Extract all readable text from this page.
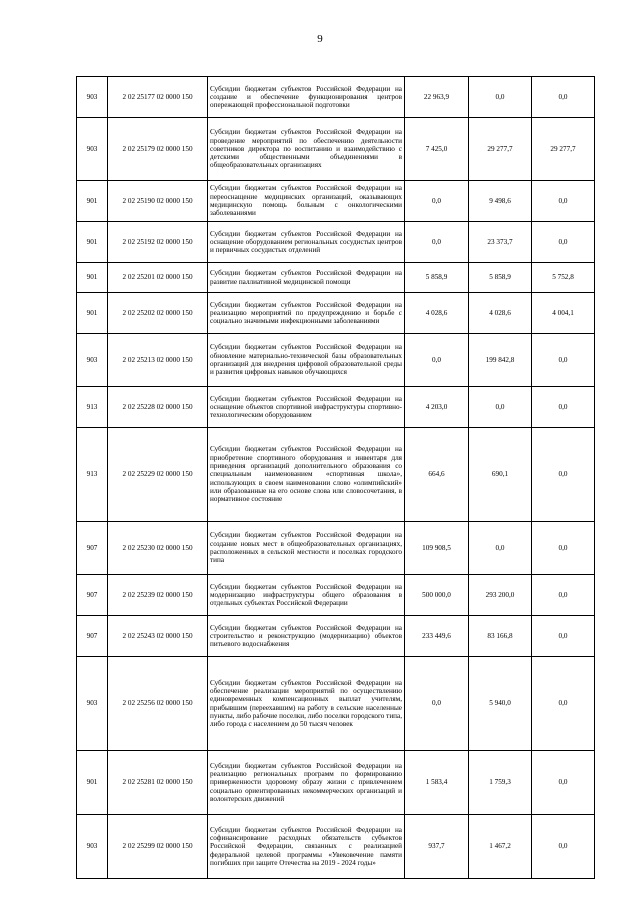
9
903	2 02 25177 02 0000 150	Субсидии бюджетам субъектов Российской Федерации на создание и обеспечение функционирования центров опережающей профессиональной подготовки	22 963,9	0,0	0,0
903	2 02 25179 02 0000 150	Субсидии бюджетам субъектов Российской Федерации на проведение мероприятий по обеспечению деятельности советников директора по воспитанию и взаимодействию с детскими общественными объединениями в общеобразовательных организациях	7 425,0	29 277,7	29 277,7
901	2 02 25190 02 0000 150	Субсидии бюджетам субъектов Российской Федерации на переоснащение медицинских организаций, оказывающих медицинскую помощь больным с онкологическими заболеваниями	0,0	9 498,6	0,0
901	2 02 25192 02 0000 150	Субсидии бюджетам субъектов Российской Федерации на оснащение оборудованием региональных сосудистых центров и первичных сосудистых отделений	0,0	23 373,7	0,0
901	2 02 25201 02 0000 150	Субсидии бюджетам субъектов Российской Федерации на развитие паллиативной медицинской помощи	5 858,9	5 858,9	5 752,8
901	2 02 25202 02 0000 150	Субсидии бюджетам субъектов Российской Федерации на реализацию мероприятий по предупреждению и борьбе с социально значимыми инфекционными заболеваниями	4 028,6	4 028,6	4 004,1
903	2 02 25213 02 0000 150	Субсидии бюджетам субъектов Российской Федерации на обновление материально-технической базы образовательных организаций для внедрения цифровой образовательной среды и развития цифровых навыков обучающихся	0,0	199 842,8	0,0
913	2 02 25228 02 0000 150	Субсидии бюджетам субъектов Российской Федерации на оснащение объектов спортивной инфраструктуры спортивно-технологическим оборудованием	4 203,0	0,0	0,0
913	2 02 25229 02 0000 150	Субсидии бюджетам субъектов Российской Федерации на приобретение спортивного оборудования и инвентаря для приведения организаций дополнительного образования со специальным наименованием «спортивная школа», использующих в своем наименовании слово «олимпийский» или образованные на его основе слова или словосочетания, в нормативное состояние	664,6	690,1	0,0
907	2 02 25230 02 0000 150	Субсидии бюджетам субъектов Российской Федерации на создание новых мест в общеобразовательных организациях, расположенных в сельской местности и поселках городского типа	109 908,5	0,0	0,0
907	2 02 25239 02 0000 150	Субсидии бюджетам субъектов Российской Федерации на модернизацию инфраструктуры общего образования в отдельных субъектах Российской Федерации	500 000,0	293 200,0	0,0
907	2 02 25243 02 0000 150	Субсидии бюджетам субъектов Российской Федерации на строительство и реконструкцию (модернизацию) объектов питьевого водоснабжения	233 449,6	83 166,8	0,0
903	2 02 25256 02 0000 150	Субсидии бюджетам субъектов Российской Федерации на обеспечение реализации мероприятий по осуществлению единовременных компенсационных выплат учителям, прибывшим (переехавшим) на работу в сельские населенные пункты, либо рабочие поселки, либо поселки городского типа, либо города с населением до 50 тысяч человек	0,0	5 940,0	0,0
901	2 02 25281 02 0000 150	Субсидии бюджетам субъектов Российской Федерации на реализацию региональных программ по формированию приверженности здоровому образу жизни с привлечением социально ориентированных некоммерческих организаций и волонтерских движений	1 583,4	1 759,3	0,0
903	2 02 25299 02 0000 150	Субсидии бюджетам субъектов Российской Федерации на софинансирование расходных обязательств субъектов Российской Федерации, связанных с реализацией федеральной целевой программы «Увековечение памяти погибших при защите Отечества на 2019 - 2024 годы»	937,7	1 467,2	0,0
